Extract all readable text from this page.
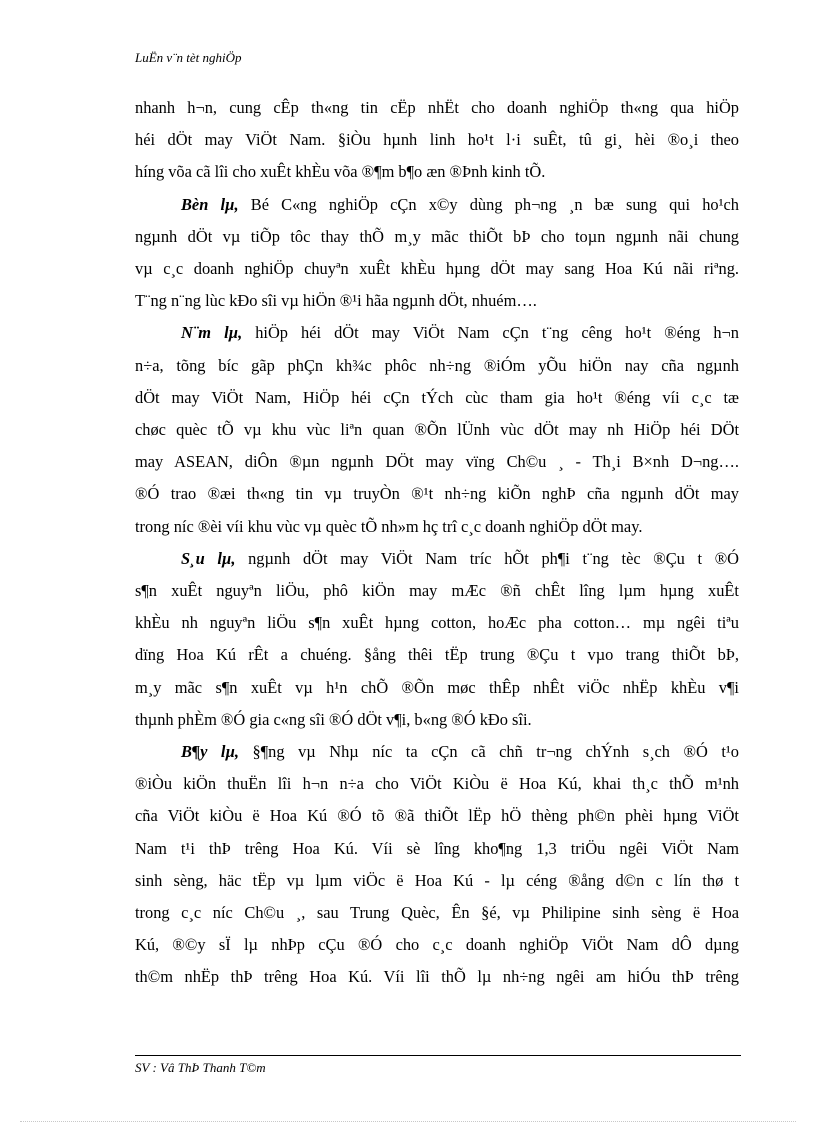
LuËn v¨n tèt nghiÖp

nhanh h¬n, cung cÊp th«ng tin cËp nhËt cho doanh nghiÖp th«ng qua hiÖp
héi dÖt may ViÖt Nam. §iÒu hµnh linh ho¹t l·i suÊt, tû gi¸ hèi ®o¸i theo
híng võa cã lîi cho xuÊt khÈu võa ®¶m b¶o æn ®Þnh kinh tÕ.

Bèn lµ, Bé C«ng nghiÖp cÇn x©y dùng ph¬ng ¸n bæ sung qui ho¹ch
ngµnh dÖt vµ tiÕp tôc thay thÕ m¸y mãc thiÕt bÞ cho toµn ngµnh nãi chung
vµ c¸c doanh nghiÖp chuyªn xuÊt khÈu hµng dÖt may sang Hoa Kú nãi riªng.
T¨ng n¨ng lùc kÐo sîi vµ hiÖn ®¹i hãa ngµnh dÖt, nhuém….

N¨m lµ, hiÖp héi dÖt may ViÖt Nam cÇn t¨ng cêng ho¹t ®éng h¬n
n÷a, tõng bíc gãp phÇn kh¾c phôc nh÷ng ®iÓm yÕu hiÖn nay cña ngµnh
dÖt may ViÖt Nam, HiÖp héi cÇn tÝch cùc tham gia ho¹t ®éng víi c¸c tæ
chøc quèc tÕ vµ khu vùc liªn quan ®Õn lÜnh vùc dÖt may nh HiÖp héi DÖt
may ASEAN, diÔn ®µn ngµnh DÖt may vïng Ch©u ¸ - Th¸i B×nh D¬ng….
®Ó trao ®æi th«ng tin vµ truyÒn ®¹t nh÷ng kiÕn nghÞ cña ngµnh dÖt may
trong níc ®èi víi khu vùc vµ quèc tÕ nh»m hç trî c¸c doanh nghiÖp dÖt may.

S¸u lµ, ngµnh dÖt may ViÖt Nam tríc hÕt ph¶i t¨ng tèc ®Çu t ®Ó
s¶n xuÊt nguyªn liÖu, phô kiÖn may mÆc ®ñ chÊt lîng lµm hµng xuÊt
khÈu nh nguyªn liÖu s¶n xuÊt hµng cotton, hoÆc pha cotton… mµ ngêi tiªu
dïng Hoa Kú rÊt a chuéng. §ång thêi tËp trung ®Çu t vµo trang thiÕt bÞ,
m¸y mãc s¶n xuÊt vµ h¹n chÕ ®Õn møc thÊp nhÊt viÖc nhËp khÈu v¶i
thµnh phÈm ®Ó gia c«ng sîi ®Ó dÖt v¶i, b«ng ®Ó kÐo sîi.

B¶y lµ, §¶ng vµ Nhµ níc ta cÇn cã chñ tr¬ng chÝnh s¸ch ®Ó t¹o
®iÒu kiÖn thuËn lîi h¬n n÷a cho ViÖt KiÒu ë Hoa Kú, khai th¸c thÕ m¹nh
cña ViÖt kiÒu ë Hoa Kú ®Ó tõ ®ã thiÕt lËp hÖ thèng ph©n phèi hµng ViÖt
Nam t¹i thÞ trêng Hoa Kú. Víi sè lîng kho¶ng 1,3 triÖu ngêi ViÖt Nam
sinh sèng, häc tËp vµ lµm viÖc ë Hoa Kú - lµ céng ®ång d©n c lín thø t
trong c¸c níc Ch©u ¸, sau Trung Quèc, Ên §é, vµ Philipine sinh sèng ë Hoa
Kú, ®©y sÏ lµ nhÞp cÇu ®Ó cho c¸c doanh nghiÖp ViÖt Nam dÔ dµng
th©m nhËp thÞ trêng Hoa Kú. Víi lîi thÕ lµ nh÷ng ngêi am hiÓu thÞ trêng

SV : Vâ ThÞ Thanh T©m
